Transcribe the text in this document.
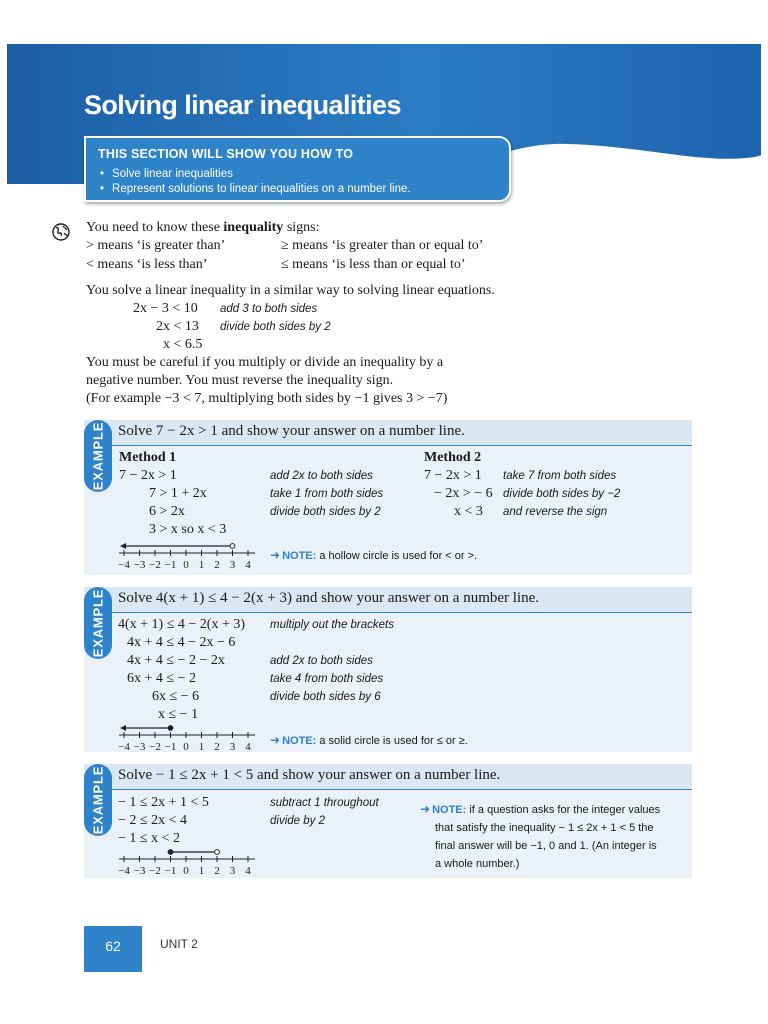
Solving linear inequalities
THIS SECTION WILL SHOW YOU HOW TO
• Solve linear inequalities
• Represent solutions to linear inequalities on a number line.
You need to know these inequality signs:
> means ‘is greater than’	≥ means ‘is greater than or equal to’
< means ‘is less than’	≤ means ‘is less than or equal to’
You solve a linear inequality in a similar way to solving linear equations.
2x − 3 < 10 add 3 to both sides
2x < 13 divide both sides by 2
x < 6.5
You must be careful if you multiply or divide an inequality by a
negative number. You must reverse the inequality sign.
(For example −3 < 7, multiplying both sides by −1 gives 3 > −7)
EXAMPLE Solve 7 − 2x > 1 and show your answer on a number line.
Method 1
7 − 2x > 1	add 2x to both sides
7 > 1 + 2x	take 1 from both sides
6 > 2x	divide both sides by 2
3 > x so x < 3
Method 2
7 − 2x > 1 take 7 from both sides
− 2x > − 6 divide both sides by −2
x < 3 and reverse the sign
−4 −3 −2 −1 0 1 2 3 4
➜ NOTE: a hollow circle is used for < or >.
EXAMPLE Solve 4(x + 1) ≤ 4 − 2(x + 3) and show your answer on a number line.
4(x + 1) ≤ 4 − 2(x + 3) multiply out the brackets
4x + 4 ≤ 4 − 2x − 6
4x + 4 ≤ − 2 − 2x	add 2x to both sides
6x + 4 ≤ − 2	take 4 from both sides
6x ≤ − 6	divide both sides by 6
x ≤ − 1
−4 −3 −2 −1 0 1 2 3 4 ➜ NOTE: a solid circle is used for ≤ or ≥.
EXAMPLE Solve − 1 ≤ 2x + 1 < 5 and show your answer on a number line.
− 1 ≤ 2x + 1 < 5	subtract 1 throughout
− 2 ≤ 2x < 4	divide by 2
− 1 ≤ x < 2
−4 −3 −2 −1 0 1 2 3 4
➜ NOTE: if a question asks for the integer values
that satisfy the inequality − 1 ≤ 2x + 1 < 5 the
final answer will be −1, 0 and 1. (An integer is
a whole number.)
62	UNIT 2
